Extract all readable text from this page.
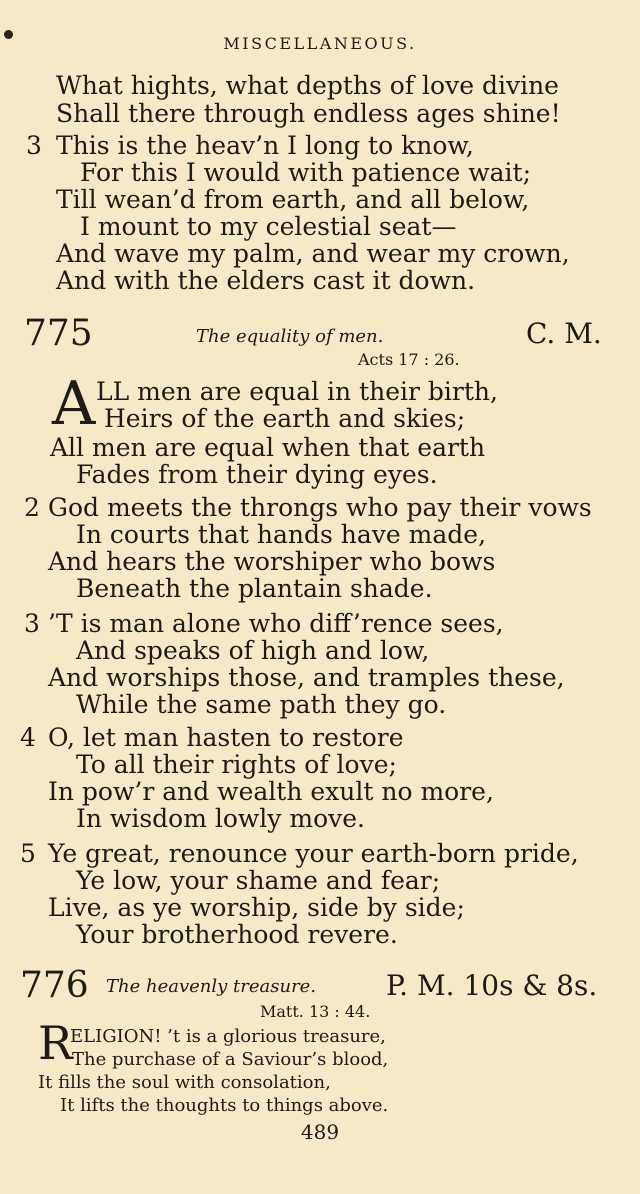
MISCELLANEOUS.
What hights, what depths of love divine
Shall there through endless ages shine!
3 This is the heav’n I long to know,
For this I would with patience wait;
Till wean’d from earth, and all below,
I mount to my celestial seat—
And wave my palm, and wear my crown,
And with the elders cast it down.
775	The equality of men.	C. M.
Acts 17 : 26.
A LL men are equal in their birth,
Heirs of the earth and skies;
All men are equal when that earth
Fades from their dying eyes.
2 God meets the throngs who pay their vows
In courts that hands have made,
And hears the worshiper who bows
Beneath the plantain shade.
3 ’T is man alone who diff’rence sees,
And speaks of high and low,
And worships those, and tramples these,
While the same path they go.
4 O, let man hasten to restore
To all their rights of love;
In pow’r and wealth exult no more,
In wisdom lowly move.
5 Ye great, renounce your earth-born pride,
Ye low, your shame and fear;
Live, as ye worship, side by side;
Your brotherhood revere.
776 The heavenly treasure. P. M. 10s & 8s.
Matt. 13 : 44.
R
ELIGION! ’t is a glorious treasure,
The purchase of a Saviour’s blood,
It fills the soul with consolation,
It lifts the thoughts to things above.
489
